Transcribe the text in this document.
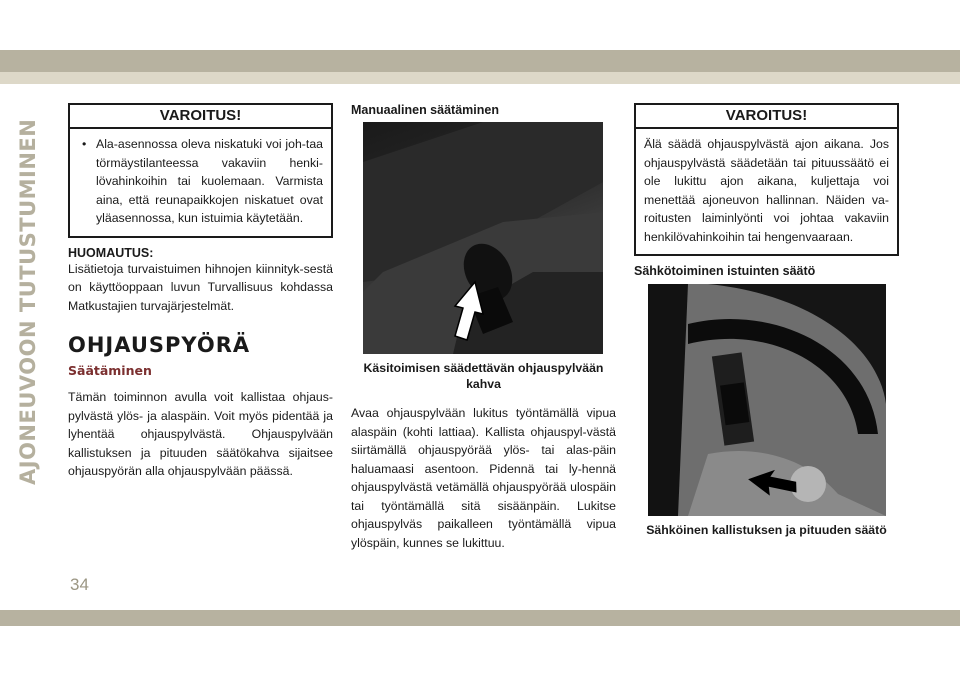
AJONEUVOON TUTUSTUMINEN
34
VAROITUS!
• Ala-asennossa oleva niskatuki voi joh-taa törmäystilanteessa vakaviin henki-lövahinkoihin tai kuolemaan. Varmista aina, että reunapaikkojen niskatuet ovat yläasennossa, kun istuimia käytetään.
HUOMAUTUS:
Lisätietoja turvaistuimen hihnojen kiinnityk-sestä on käyttöoppaan luvun Turvallisuus kohdassa Matkustajien turvajärjestelmät.
OHJAUSPYÖRÄ
Säätäminen
Tämän toiminnon avulla voit kallistaa ohjaus-pylvästä ylös- ja alaspäin. Voit myös pidentää ja lyhentää ohjauspylvästä. Ohjauspylvään kallistuksen ja pituuden säätökahva sijaitsee ohjauspyörän alla ohjauspylvään päässä.
Manuaalinen säätäminen
Käsitoimisen säädettävän ohjauspylvään kahva
Avaa ohjauspylvään lukitus työntämällä vipua alaspäin (kohti lattiaa). Kallista ohjauspyl-västä siirtämällä ohjauspyörää ylös- tai alas-päin haluamaasi asentoon. Pidennä tai ly-hennä ohjauspylvästä vetämällä ohjauspyörää ulospäin tai työntämällä sitä sisäänpäin. Lukitse ohjauspylväs paikalleen työntämällä vipua ylöspäin, kunnes se lukittuu.
VAROITUS!
Älä säädä ohjauspylvästä ajon aikana. Jos ohjauspylvästä säädetään tai pituussäätö ei ole lukittu ajon aikana, kuljettaja voi menettää ajoneuvon hallinnan. Näiden va-roitusten laiminlyönti voi johtaa vakaviin henkilövahinkoihin tai hengenvaaraan.
Sähkötoiminen istuinten säätö
Sähköinen kallistuksen ja pituuden säätö
